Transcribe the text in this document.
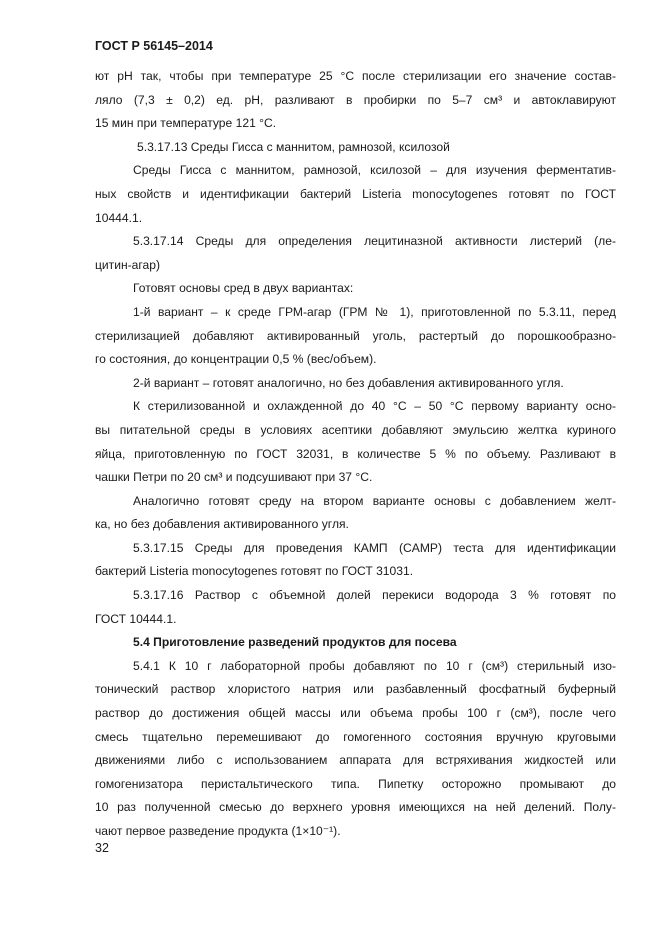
ГОСТ Р 56145–2014
ют pH так, чтобы при температуре 25 °С после стерилизации его значение состав-
ляло (7,3 ± 0,2) ед. pH, разливают в пробирки по 5–7 см³ и автоклавируют
15 мин при температуре 121 °С.
5.3.17.13 Среды Гисса с маннитом, рамнозой, ксилозой
Среды Гисса с маннитом, рамнозой, ксилозой – для изучения ферментатив-
ных свойств и идентификации бактерий Listeria monocytogenes готовят по ГОСТ
10444.1.
5.3.17.14 Среды для определения лецитиназной активности листерий (ле-
цитин-агар)
Готовят основы сред в двух вариантах:
1-й вариант – к среде ГРМ-агар (ГРМ № 1), приготовленной по 5.3.11, перед
стерилизацией добавляют активированный уголь, растертый до порошкообразно-
го состояния, до концентрации 0,5 % (вес/объем).
2-й вариант – готовят аналогично, но без добавления активированного угля.
К стерилизованной и охлажденной до 40 °С – 50 °С первому варианту осно-
вы питательной среды в условиях асептики добавляют эмульсию желтка куриного
яйца, приготовленную по ГОСТ 32031, в количестве 5 % по объему. Разливают в
чашки Петри по 20 см³ и подсушивают при 37 °С.
Аналогично готовят среду на втором варианте основы с добавлением желт-
ка, но без добавления активированного угля.
5.3.17.15 Среды для проведения КАМП (CAMP) теста для идентификации
бактерий Listeria monocytogenes готовят по ГОСТ 31031.
5.3.17.16 Раствор с объемной долей перекиси водорода 3 % готовят по
ГОСТ 10444.1.
5.4 Приготовление разведений продуктов для посева
5.4.1 К 10 г лабораторной пробы добавляют по 10 г (см³) стерильный изо-
тонический раствор хлористого натрия или разбавленный фосфатный буферный
раствор до достижения общей массы или объема пробы 100 г (см³), после чего
смесь тщательно перемешивают до гомогенного состояния вручную круговыми
движениями либо с использованием аппарата для встряхивания жидкостей или
гомогенизатора перистальтического типа. Пипетку осторожно промывают до
10 раз полученной смесью до верхнего уровня имеющихся на ней делений. Полу-
чают первое разведение продукта (1×10⁻¹).
32
